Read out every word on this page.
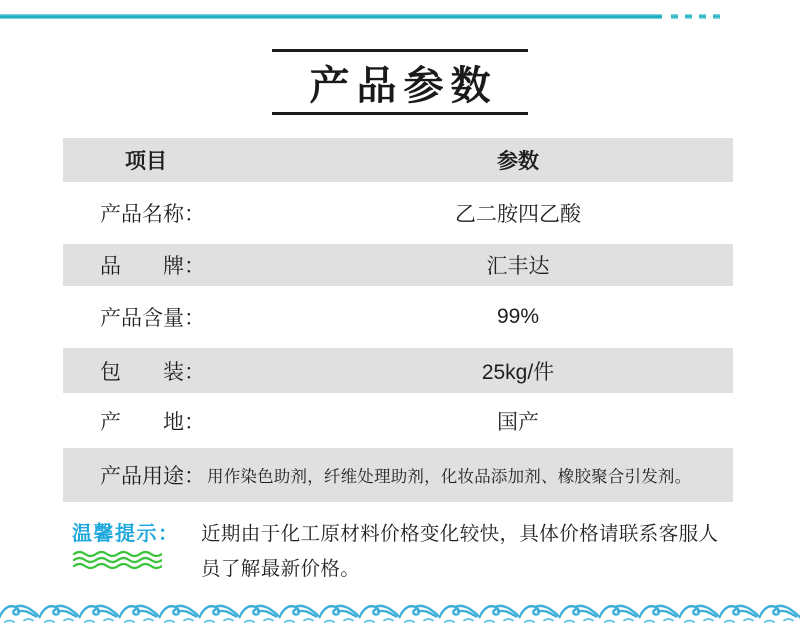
产品参数
项目	参数
产品名称：	乙二胺四乙酸
品　　牌：	汇丰达
产品含量：	99%
包　　装：	25kg/件
产　　地：	国产
产品用途： 用作染色助剂，纤维处理助剂，化妆品添加剂、橡胶聚合引发剂。
温馨提示：	近期由于化工原材料价格变化较快，具体价格请联系客服人员了解最新价格。
